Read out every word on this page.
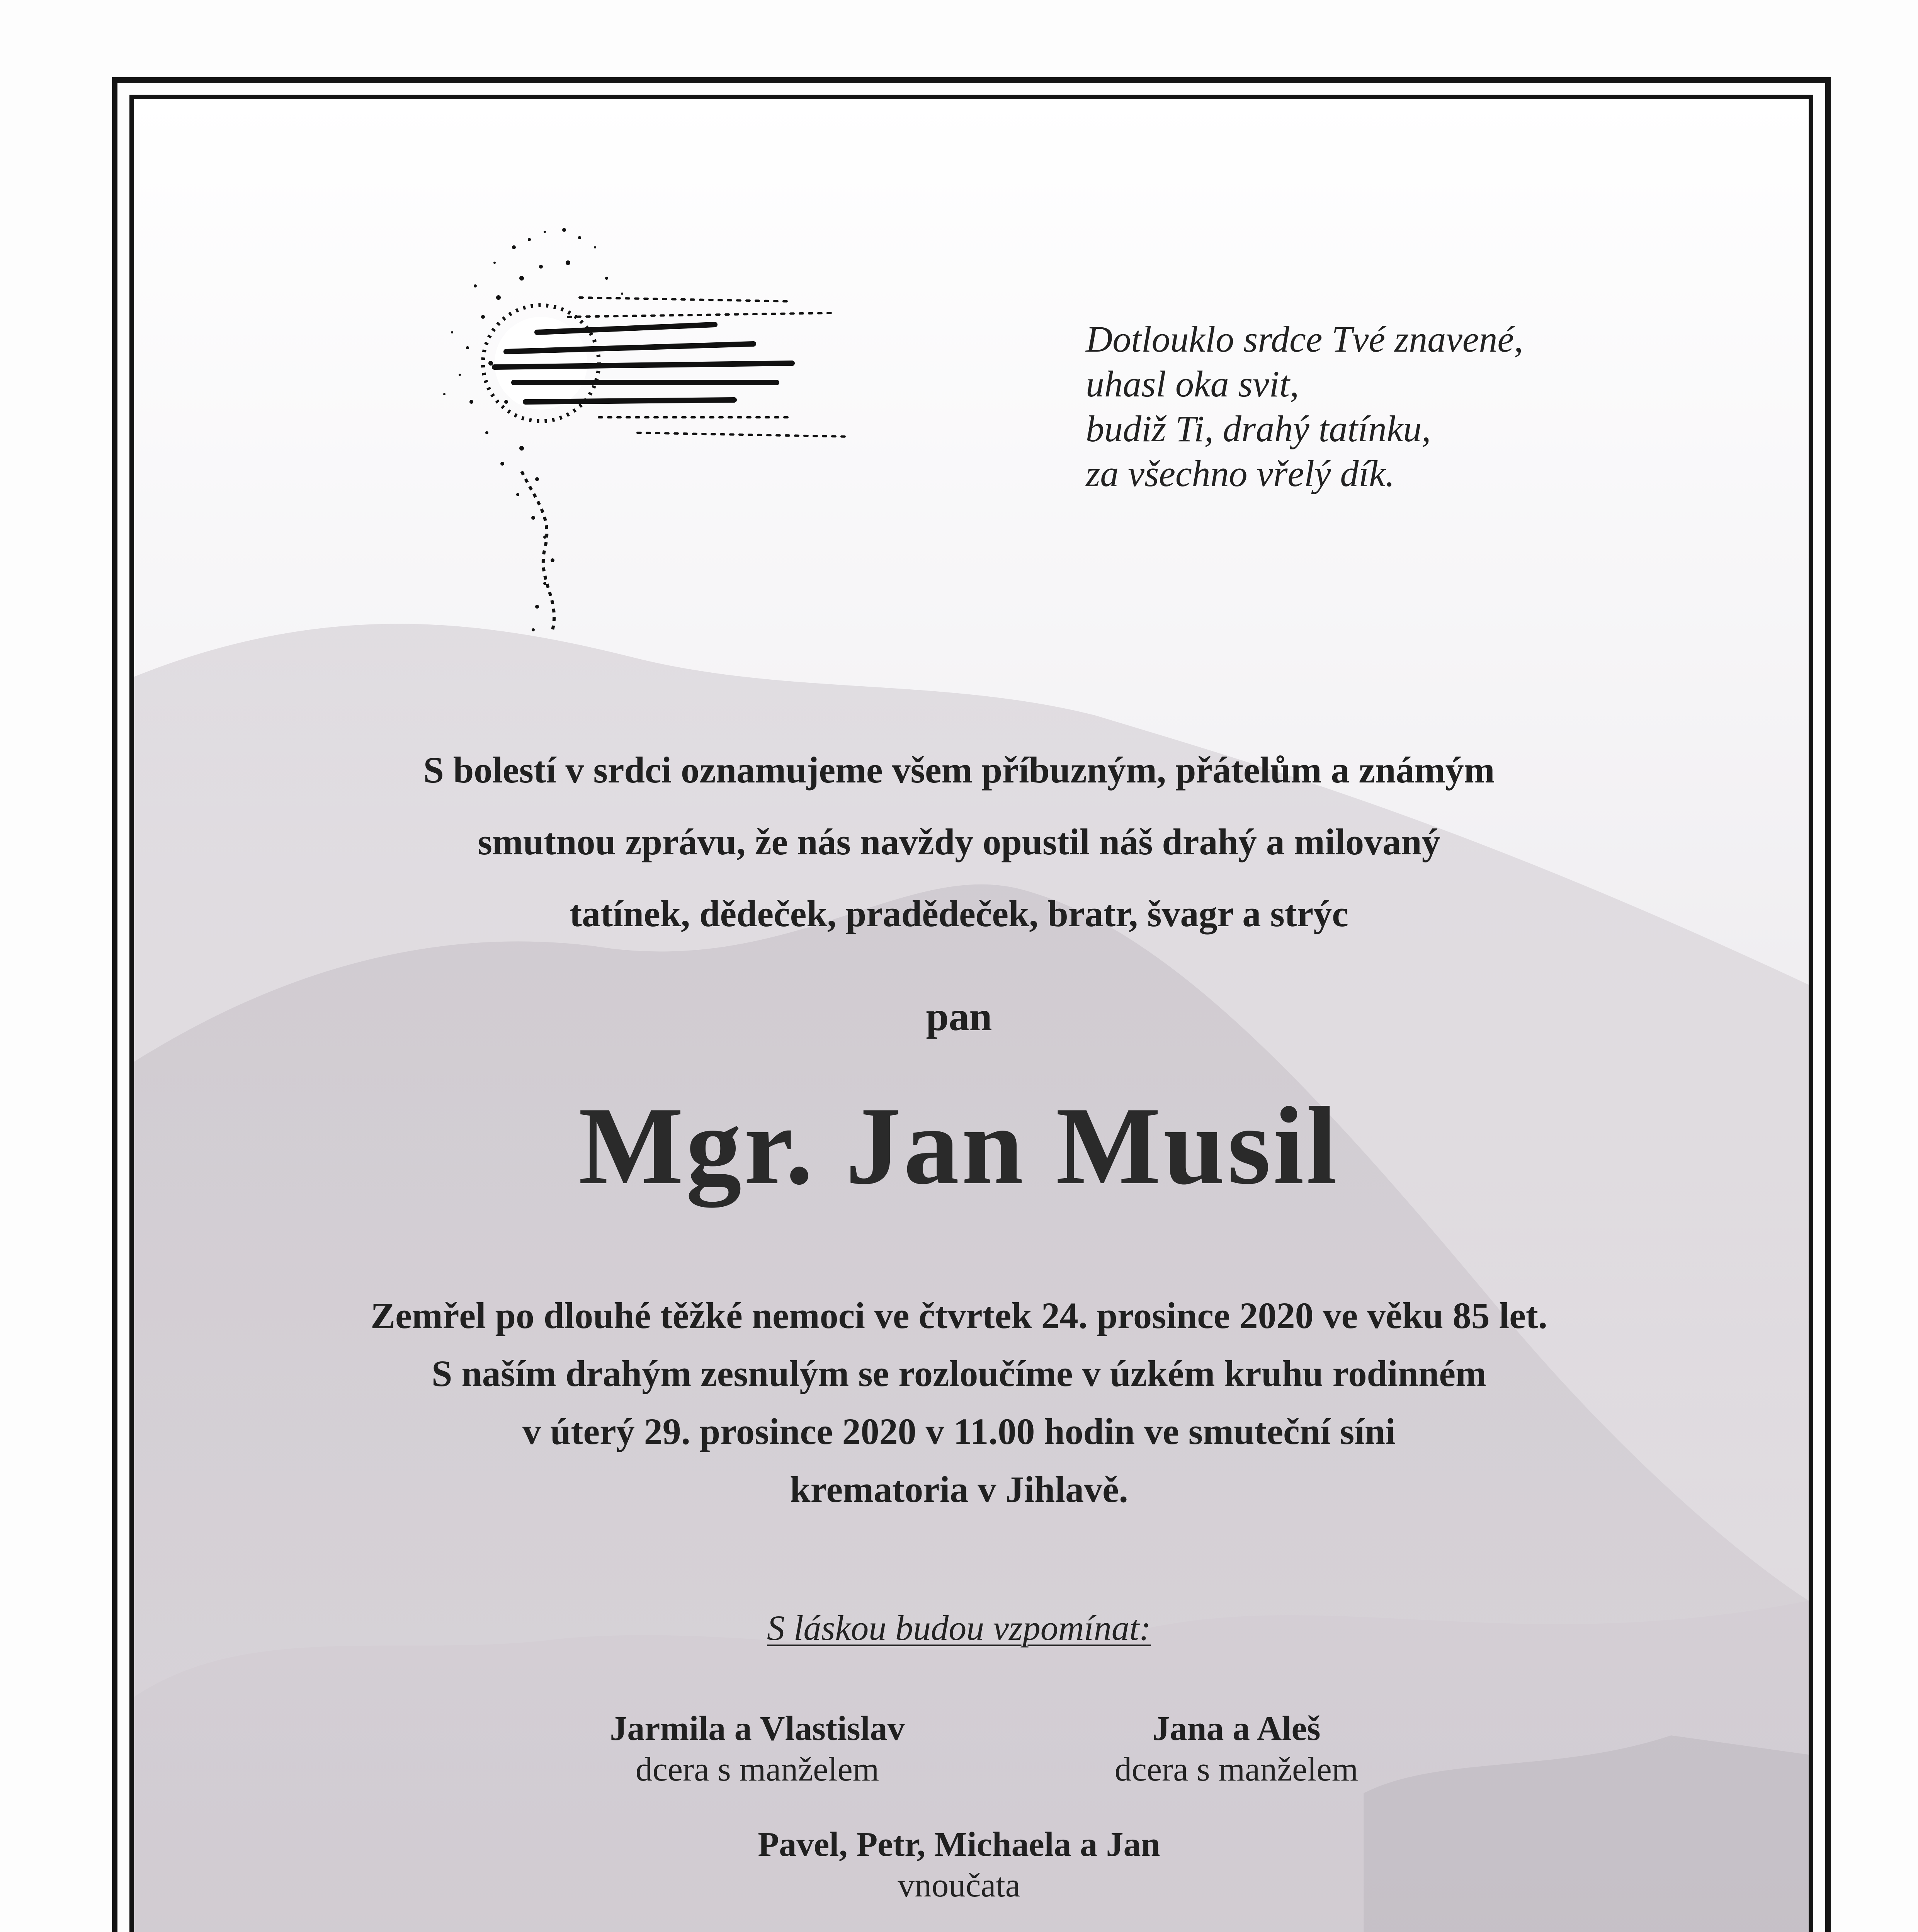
Dotlouklo srdce Tvé znavené,
uhasl oka svit,
budiž Ti, drahý tatínku,
za všechno vřelý dík.
S bolestí v srdci oznamujeme všem příbuzným, přátelům a známým
smutnou zprávu, že nás navždy opustil náš drahý a milovaný
tatínek, dědeček, pradědeček, bratr, švagr a strýc
pan
Mgr. Jan Musil
Zemřel po dlouhé těžké nemoci ve čtvrtek 24. prosince 2020 ve věku 85 let.
S naším drahým zesnulým se rozloučíme v úzkém kruhu rodinném
v úterý 29. prosince 2020 v 11.00 hodin ve smuteční síni
krematoria v Jihlavě.
S láskou budou vzpomínat:
Jarmila a Vlastislav
dcera s manželem
Jana a Aleš
dcera s manželem
Pavel, Petr, Michaela a Jan
vnoučata
